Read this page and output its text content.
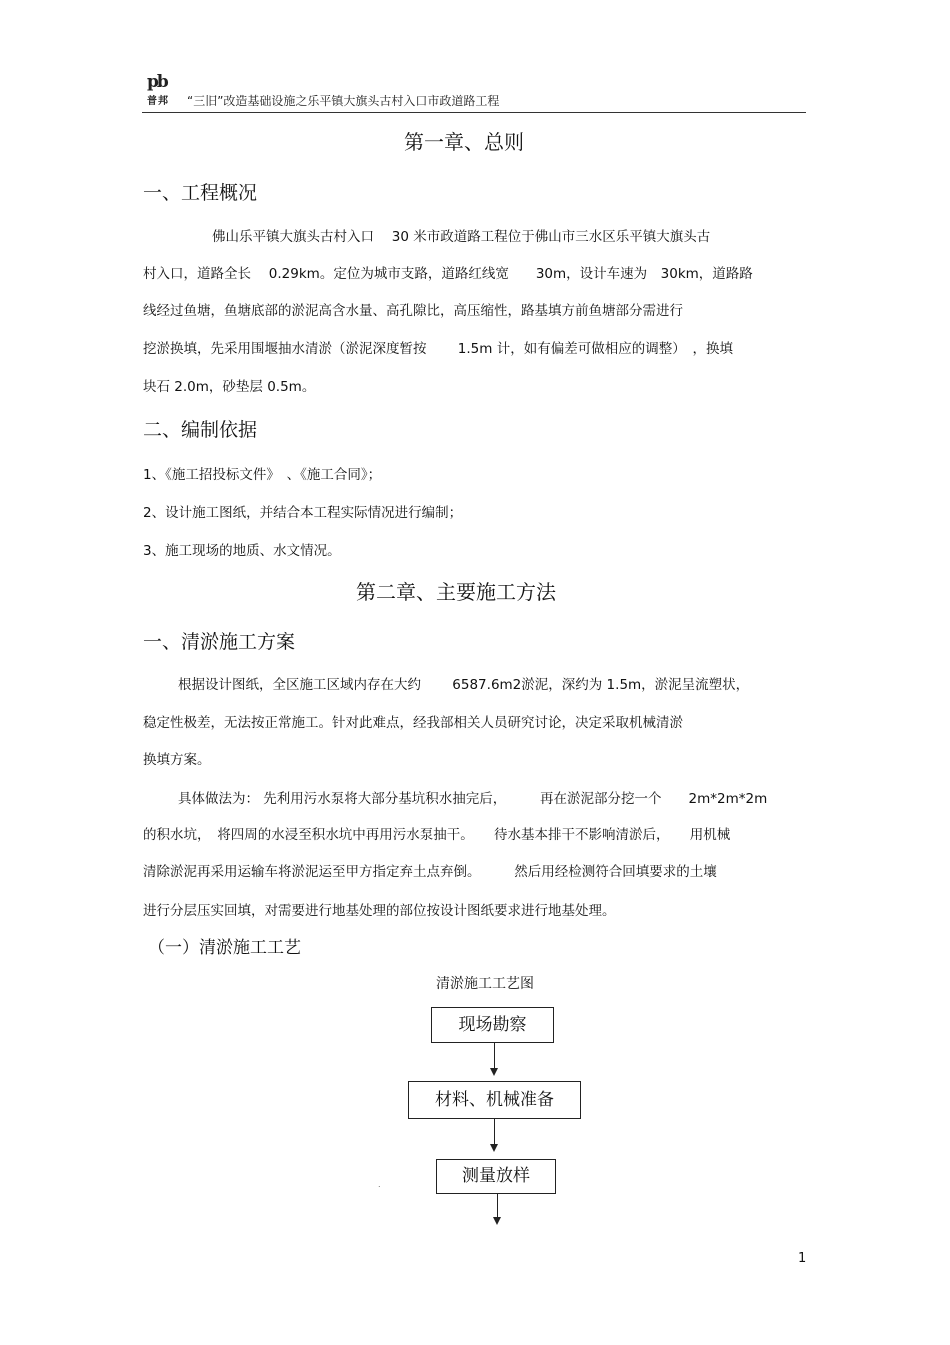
pb
普邦 “三旧”改造基础设施之乐平镇大旗头古村入口市政道路工程
第一章、总则
一、工程概况
佛山乐平镇大旗头古村入口　 30 米市政道路工程位于佛山市三水区乐平镇大旗头古
村入口，道路全长　 0.29km。定位为城市支路，道路红线宽　　30m，设计车速为　30km，道路路
线经过鱼塘，鱼塘底部的淤泥高含水量、高孔隙比，高压缩性，路基填方前鱼塘部分需进行
挖淤换填，先采用围堰抽水清淤（淤泥深度暂按　　 1.5m 计，如有偏差可做相应的调整）　，换填
块石 2.0m，砂垫层 0.5m。
二、编制依据
1、《施工招投标文件》　、《施工合同》；
2、设计施工图纸，并结合本工程实际情况进行编制；
3、施工现场的地质、水文情况。
第二章、主要施工方法
一、清淤施工方案
根据设计图纸，全区施工区域内存在大约　　 6587.6m2淤泥，深约为 1.5m，淤泥呈流塑状，
稳定性极差，无法按正常施工。针对此难点，经我部相关人员研究讨论，决定采取机械清淤
换填方案。
具体做法为： 先利用污水泵将大部分基坑积水抽完后，　　　再在淤泥部分挖一个　　2m*2m*2m
的积水坑，　将四周的水浸至积水坑中再用污水泵抽干。　　待水基本排干不影响清淤后，　　用机械
清除淤泥再采用运输车将淤泥运至甲方指定弃土点弃倒。　　　然后用经检测符合回填要求的土壤
进行分层压实回填，对需要进行地基处理的部位按设计图纸要求进行地基处理。
（一）清淤施工工艺
清淤施工工艺图
现场勘察
材料、机械准备
测量放样
.
1
